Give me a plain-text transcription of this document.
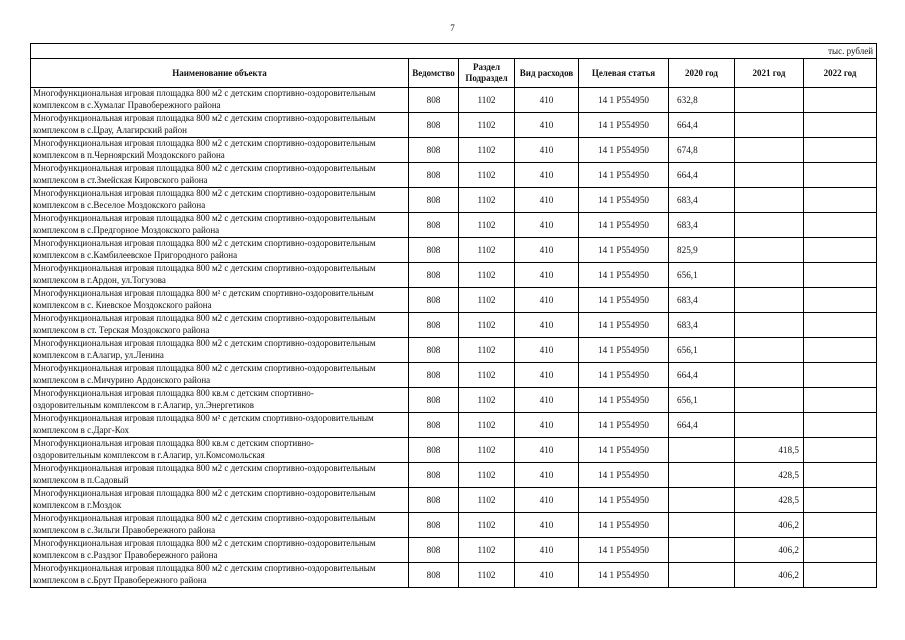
7
тыс. рублей							
Наименование объекта	Ведомство	Раздел Подраздел	Вид расходов	Целевая статья	2020 год	2021 год	2022 год
Многофункциональная игровая площадка 800 м2 с детским спортивно-оздоровительным
комплексом в с.Хумалаг Правобережного района	808	1102	410	14 1 P554950	632,8		
Многофункциональная игровая площадка 800 м2 с детским спортивно-оздоровительным
комплексом в с.Црау, Алагирский район	808	1102	410	14 1 P554950	664,4		
Многофункциональная игровая площадка 800 м2 с детским спортивно-оздоровительным
комплексом в п.Черноярский Моздокского района	808	1102	410	14 1 P554950	674,8		
Многофункциональная игровая площадка 800 м2 с детским спортивно-оздоровительным
комплексом в ст.Змейская Кировского района	808	1102	410	14 1 P554950	664,4		
Многофункциональная игровая площадка 800 м2 с детским спортивно-оздоровительным
комплексом в с.Веселое Моздокского района	808	1102	410	14 1 P554950	683,4		
Многофункциональная игровая площадка 800 м2 с детским спортивно-оздоровительным
комплексом в с.Предгорное Моздокского района	808	1102	410	14 1 P554950	683,4		
Многофункциональная игровая площадка 800 м2 с детским спортивно-оздоровительным
комплексом в с.Камбилеевское Пригородного района	808	1102	410	14 1 P554950	825,9		
Многофункциональная игровая площадка 800 м2 с детским спортивно-оздоровительным
комплексом в г.Ардон, ул.Тогузова	808	1102	410	14 1 P554950	656,1		
Многофункциональная игровая площадка 800 м² с детским спортивно-оздоровительным
комплексом в с. Киевское Моздокского района	808	1102	410	14 1 P554950	683,4		
Многофункциональная игровая площадка 800 м2 с детским спортивно-оздоровительным
комплексом в ст. Терская Моздокского района	808	1102	410	14 1 P554950	683,4		
Многофункциональная игровая площадка 800 м2 с детским спортивно-оздоровительным
комплексом в г.Алагир, ул.Ленина	808	1102	410	14 1 P554950	656,1		
Многофункциональная игровая площадка 800 м2 с детским спортивно-оздоровительным
комплексом в с.Мичурино Ардонского района	808	1102	410	14 1 P554950	664,4		
Многофункциональная игровая площадка 800 кв.м с детским спортивно-
оздоровительным комплексом в г.Алагир, ул.Энергетиков	808	1102	410	14 1 P554950	656,1		
Многофункциональная игровая площадка 800 м² с детским спортивно-оздоровительным
комплексом в с.Дарг-Кох	808	1102	410	14 1 P554950	664,4		
Многофункциональная игровая площадка 800 кв.м с детским спортивно-
оздоровительным комплексом в г.Алагир, ул.Комсомольская	808	1102	410	14 1 P554950		418,5	
Многофункциональная игровая площадка 800 м2 с детским спортивно-оздоровительным
комплексом в п.Садовый	808	1102	410	14 1 P554950		428,5	
Многофункциональная игровая площадка 800 м2 с детским спортивно-оздоровительным
комплексом в г.Моздок	808	1102	410	14 1 P554950		428,5	
Многофункциональная игровая площадка 800 м2 с детским спортивно-оздоровительным
комплексом в с.Зильги Правобережного района	808	1102	410	14 1 P554950		406,2	
Многофункциональная игровая площадка 800 м2 с детским спортивно-оздоровительным
комплексом в с.Раздзог Правобережного района	808	1102	410	14 1 P554950		406,2	
Многофункциональная игровая площадка 800 м2 с детским спортивно-оздоровительным
комплексом в с.Брут Правобережного района	808	1102	410	14 1 P554950		406,2	
